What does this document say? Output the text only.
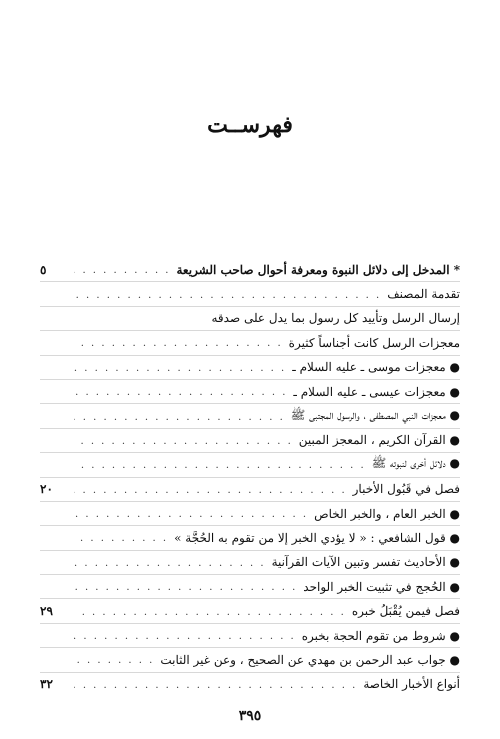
فهرســت
* المدخل إلى دلائل النبوة ومعرفة أحوال صاحب الشريعة
. . .
٥
تقدمة المصنف
. . .
إرسال الرسل وتأييد كل رسول بما يدل على صدقه
معجزات الرسل كانت أجناساً كثيرة
. . .
● معجزات موسى ـ عليه السلام ـ
. . .
● معجزات عيسى ـ عليه السلام ـ
. . .
● معجزات النبي المصطفى ، والرسول المجتبى ﷺ
. . .
● القرآن الكريم ، المعجز المبين
. . .
● دلائل أخرى لنبوته ﷺ
. . .
فصل في قَبُول الأخبار
. . .
٢٠
● الخبر العام ، والخبر الخاص
. . .
● قول الشافعي : « لا يؤدي الخبر إلا من تقوم به الحُجَّة »
. . .
● الأحاديث تفسر وتبين الآيات القرآنية
. . .
● الحُجج في تثبيت الخبر الواحد
. . .
فصل فيمن يُقْبَلُ خبره
. . .
٢٩
● شروط من تقوم الحجة بخبره
. . .
● جواب عبد الرحمن بن مهدي عن الصحيح ، وعن غير الثابت
. . .
أنواع الأخبار الخاصة
. . .
٣٢
٣٩٥
